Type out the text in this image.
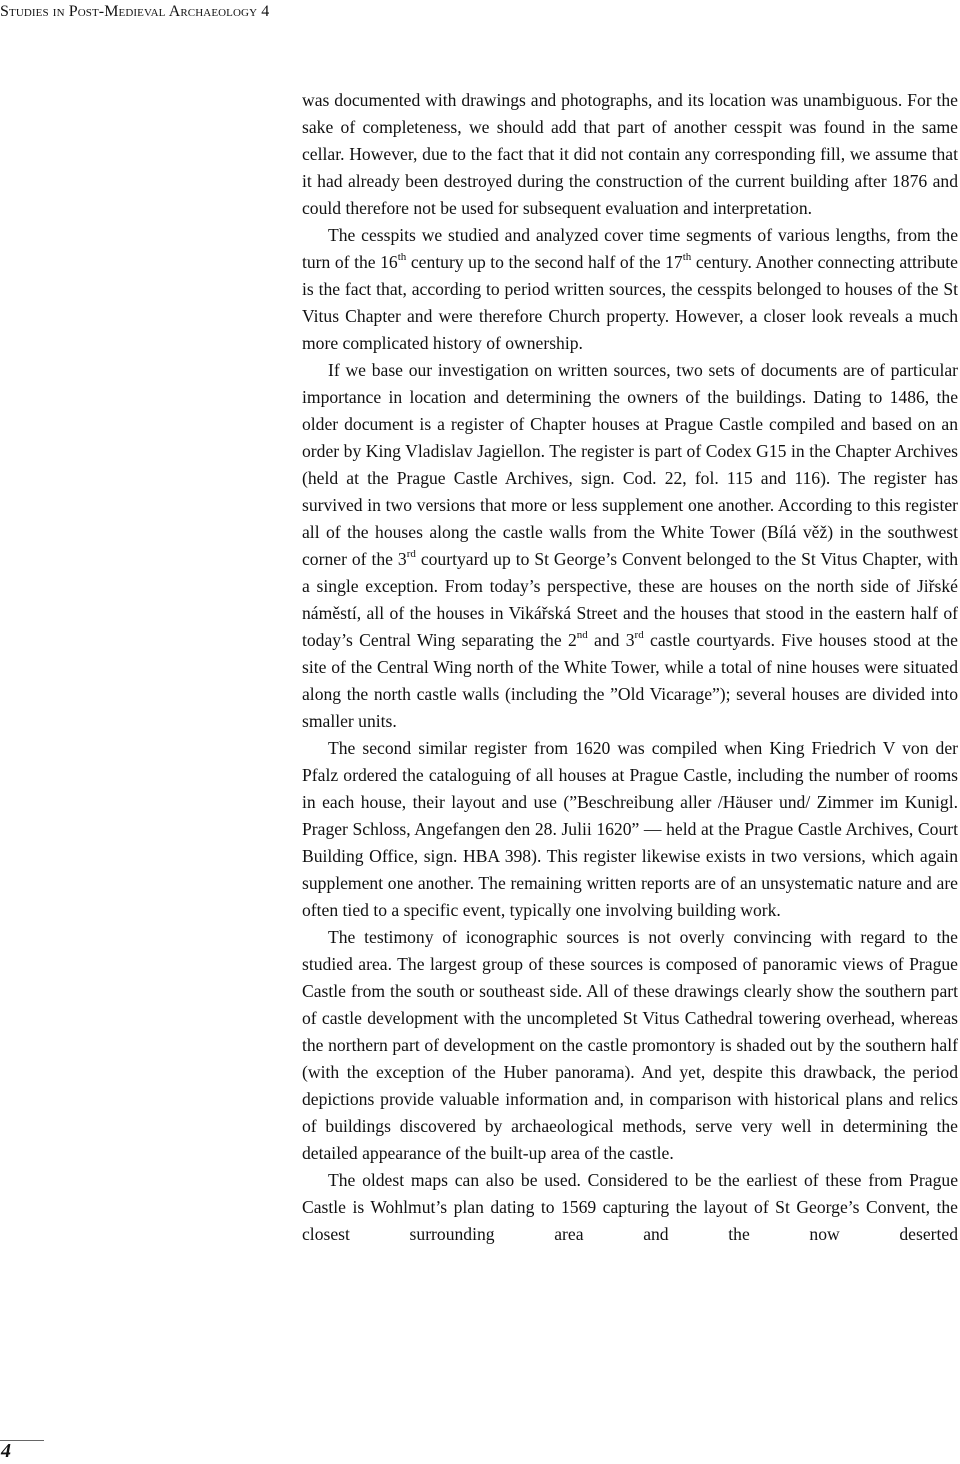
Studies in Post-Medieval Archaeology 4

was documented with drawings and photographs, and its location was unambiguous. For the sake of completeness, we should add that part of another cesspit was found in the same cellar. However, due to the fact that it did not contain any corresponding fill, we assume that it had already been destroyed during the construction of the current building after 1876 and could therefore not be used for subsequent evaluation and interpretation.

The cesspits we studied and analyzed cover time segments of various lengths, from the turn of the 16th century up to the second half of the 17th century. Another connecting attribute is the fact that, according to period written sources, the cesspits belonged to houses of the St Vitus Chapter and were therefore Church property. However, a closer look reveals a much more complicated history of ownership.

If we base our investigation on written sources, two sets of documents are of particular importance in location and determining the owners of the buildings. Dating to 1486, the older document is a register of Chapter houses at Prague Castle compiled and based on an order by King Vladislav Jagiellon. The register is part of Codex G15 in the Chapter Archives (held at the Prague Castle Archives, sign. Cod. 22, fol. 115 and 116). The register has survived in two versions that more or less supplement one another. According to this register all of the houses along the castle walls from the White Tower (Bílá věž) in the southwest corner of the 3rd courtyard up to St George’s Convent belonged to the St Vitus Chapter, with a single exception. From today’s perspective, these are houses on the north side of Jiřské náměstí, all of the houses in Vikářská Street and the houses that stood in the eastern half of today’s Central Wing separating the 2nd and 3rd castle courtyards. Five houses stood at the site of the Central Wing north of the White Tower, while a total of nine houses were situated along the north castle walls (including the ”Old Vicarage”); several houses are divided into smaller units.

The second similar register from 1620 was compiled when King Friedrich V von der Pfalz ordered the cataloguing of all houses at Prague Castle, including the number of rooms in each house, their layout and use (”Beschreibung aller /Häuser und/ Zimmer im Kunigl. Prager Schloss, Angefangen den 28. Julii 1620” — held at the Prague Castle Archives, Court Building Office, sign. HBA 398). This register likewise exists in two versions, which again supplement one another. The remaining written reports are of an unsystematic nature and are often tied to a specific event, typically one involving building work.

The testimony of iconographic sources is not overly convincing with regard to the studied area. The largest group of these sources is composed of panoramic views of Prague Castle from the south or southeast side. All of these drawings clearly show the southern part of castle development with the uncompleted St Vitus Cathedral towering overhead, whereas the northern part of development on the castle promontory is shaded out by the southern half (with the exception of the Huber panorama). And yet, despite this drawback, the period depictions provide valuable information and, in comparison with historical plans and relics of buildings discovered by archaeological methods, serve very well in determining the detailed appearance of the built-up area of the castle.

The oldest maps can also be used. Considered to be the earliest of these from Prague Castle is Wohlmut’s plan dating to 1569 capturing the layout of St George’s Convent, the closest surrounding area and the now deserted

4
